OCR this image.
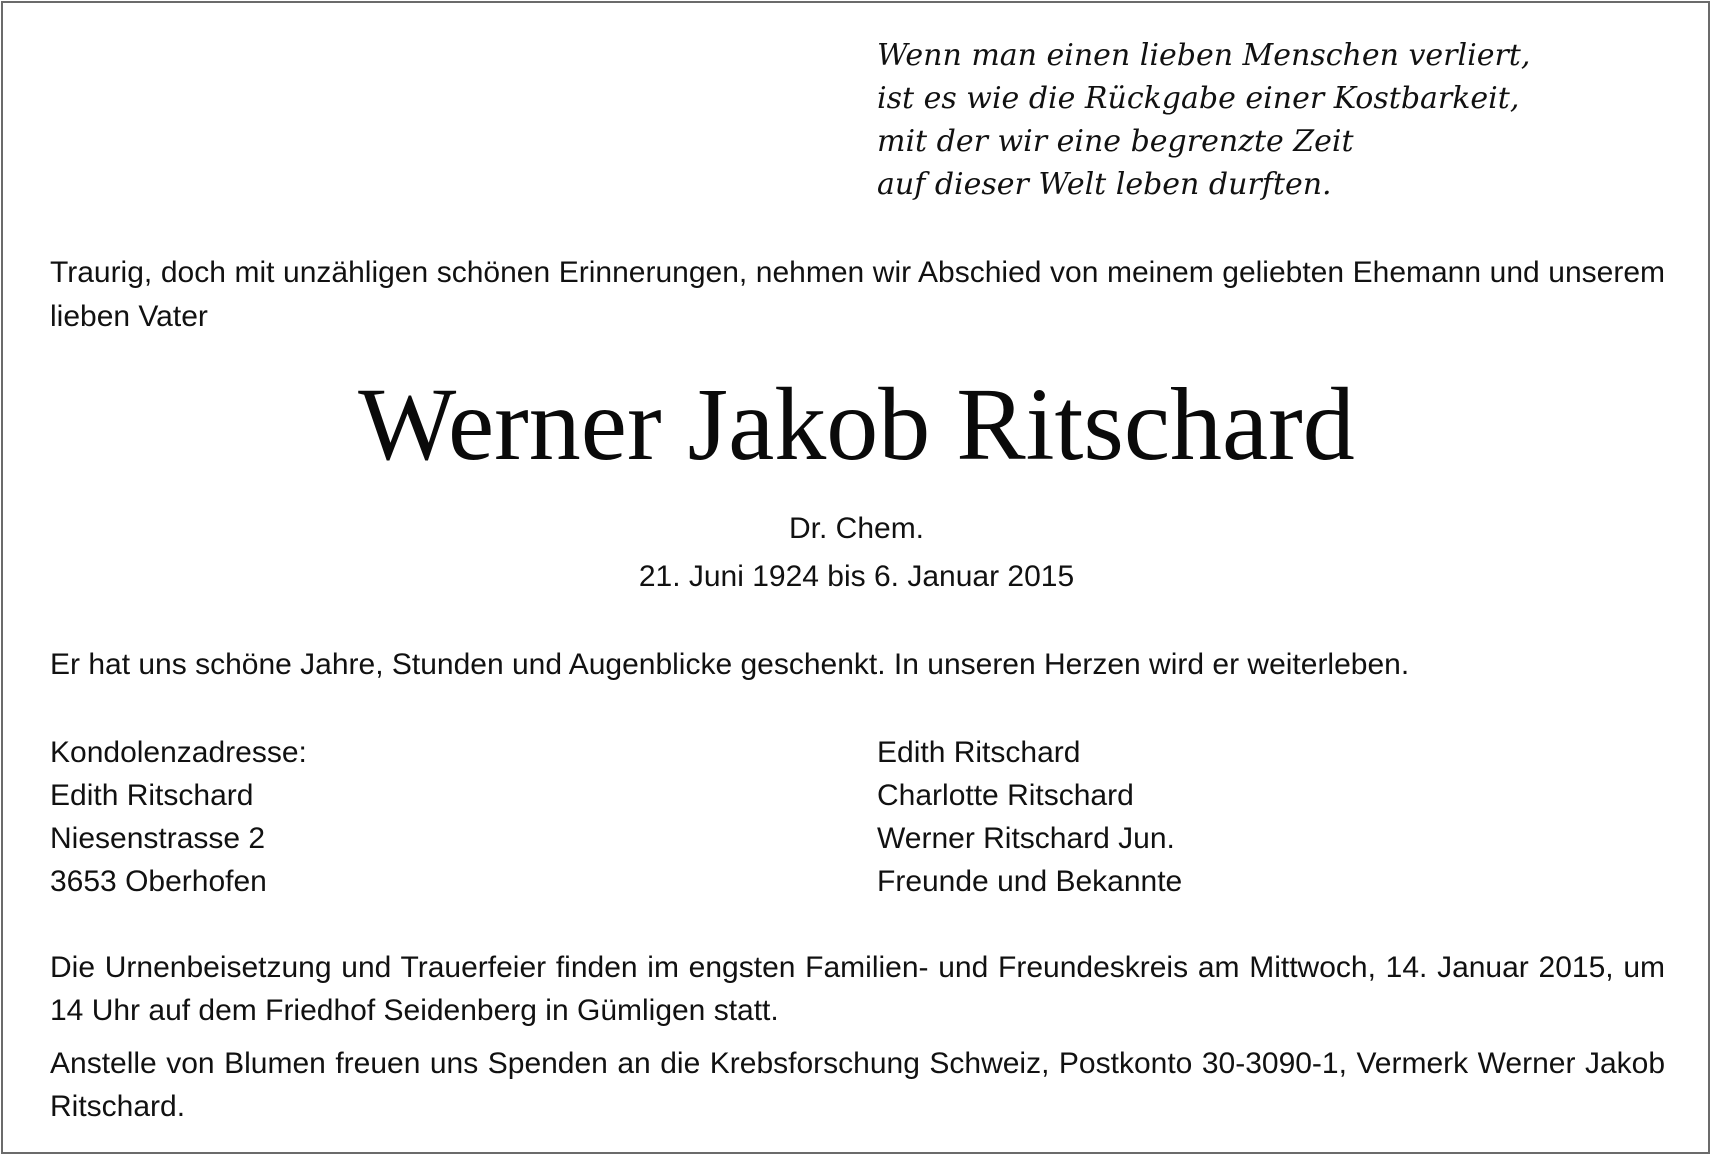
Wenn man einen lieben Menschen verliert,
ist es wie die Rückgabe einer Kostbarkeit,
mit der wir eine begrenzte Zeit
auf dieser Welt leben durften.
Traurig, doch mit unzähligen schönen Erinnerungen, nehmen wir Abschied von meinem geliebten Ehemann und unserem lieben Vater
Werner Jakob Ritschard
Dr. Chem.
21. Juni 1924 bis 6. Januar 2015
Er hat uns schöne Jahre, Stunden und Augenblicke geschenkt. In unseren Herzen wird er weiterleben.
Kondolenzadresse:
Edith Ritschard
Niesenstrasse 2
3653 Oberhofen
Edith Ritschard
Charlotte Ritschard
Werner Ritschard Jun.
Freunde und Bekannte
Die Urnenbeisetzung und Trauerfeier finden im engsten Familien- und Freundeskreis am Mittwoch, 14. Januar 2015, um 14 Uhr auf dem Friedhof Seidenberg in Gümligen statt.
Anstelle von Blumen freuen uns Spenden an die Krebsforschung Schweiz, Postkonto 30-3090-1, Vermerk Werner Jakob Ritschard.
